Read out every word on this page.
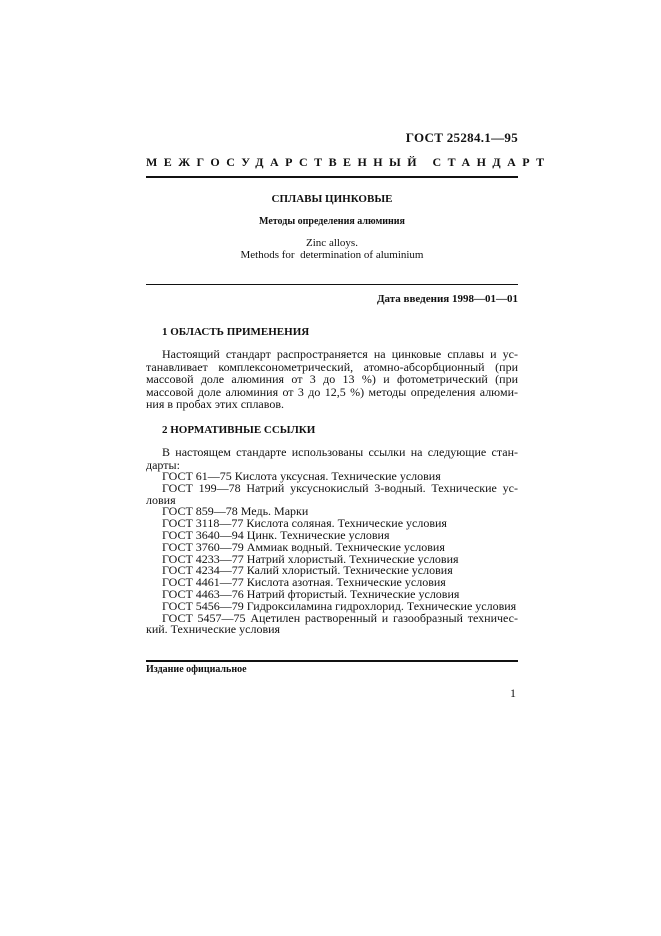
ГОСТ 25284.1—95
МЕЖГОСУДАРСТВЕННЫЙ СТАНДАРТ
СПЛАВЫ ЦИНКОВЫЕ
Методы определения алюминия
Zinc alloys.
Methods for  determination of aluminium
Дата введения 1998—01—01
1 ОБЛАСТЬ ПРИМЕНЕНИЯ
Настоящий стандарт распространяется на цинковые сплавы и ус-
танавливает комплексонометрический, атомно-абсорбционный (при
массовой доле алюминия от 3 до 13 %) и фотометрический (при
массовой доле алюминия от 3 до 12,5 %) методы определения алюми-
ния в пробах этих сплавов.
2 НОРМАТИВНЫЕ ССЫЛКИ
В настоящем стандарте использованы ссылки на следующие стан-
дарты:
ГОСТ 61—75 Кислота уксусная. Технические условия
ГОСТ 199—78 Натрий уксуснокислый 3-водный. Технические ус-
ловия
ГОСТ 859—78 Медь. Марки
ГОСТ 3118—77 Кислота соляная. Технические условия
ГОСТ 3640—94 Цинк. Технические условия
ГОСТ 3760—79 Аммиак водный. Технические условия
ГОСТ 4233—77 Натрий хлористый. Технические условия
ГОСТ 4234—77 Калий хлористый. Технические условия
ГОСТ 4461—77 Кислота азотная. Технические условия
ГОСТ 4463—76 Натрий фтористый. Технические условия
ГОСТ 5456—79 Гидроксиламина гидрохлорид. Технические условия
ГОСТ 5457—75 Ацетилен растворенный и газообразный техничес-
кий. Технические условия
Издание официальное
1
